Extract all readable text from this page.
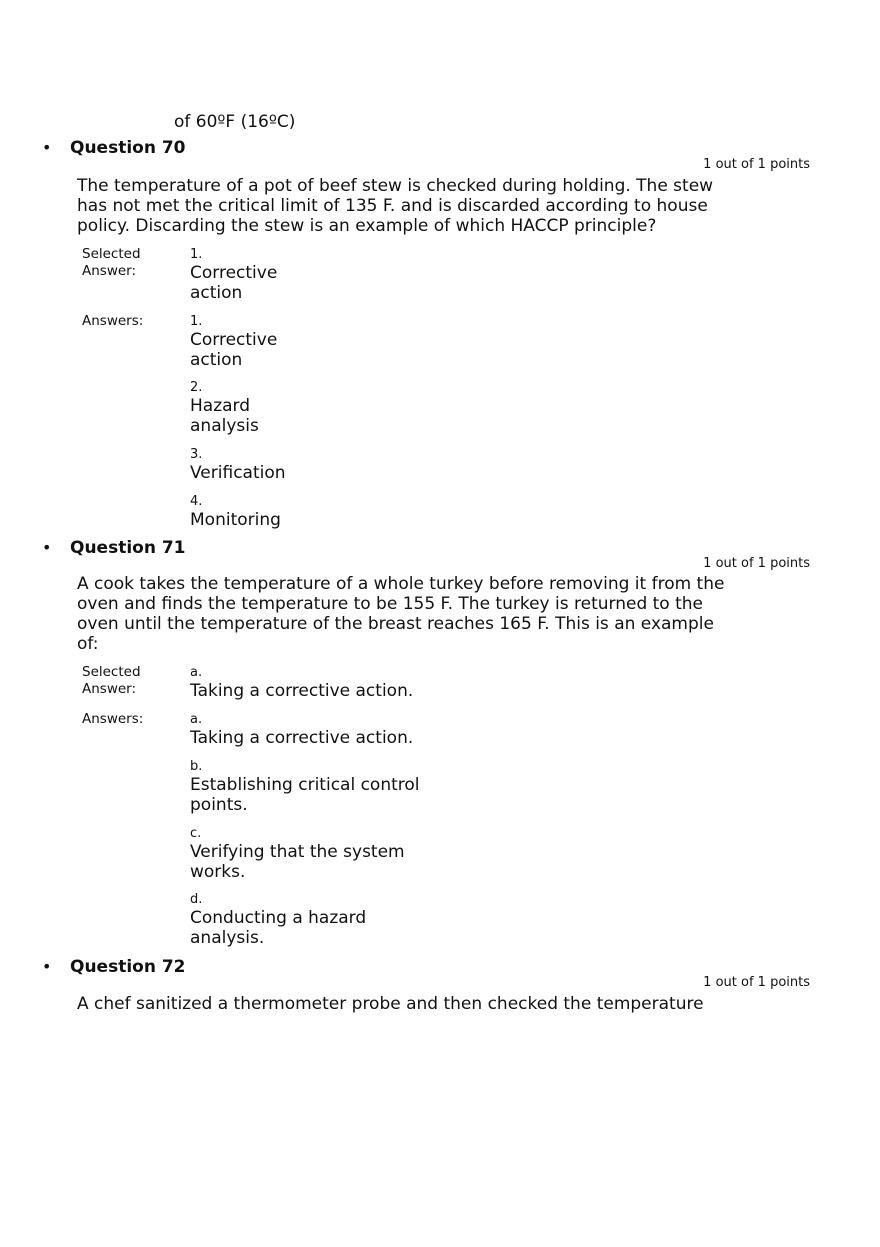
of 60ºF (16ºC)
• Question 70
1 out of 1 points
The temperature of a pot of beef stew is checked during holding. The stew has not met the critical limit of 135 F. and is discarded according to house policy. Discarding the stew is an example of which HACCP principle?
Selected
Answer:
1.
Corrective action
Answers:	1.
Corrective action
2.
Hazard analysis
3.
Verification
4.
Monitoring
• Question 71
1 out of 1 points
A cook takes the temperature of a whole turkey before removing it from the oven and finds the temperature to be 155 F. The turkey is returned to the oven until the temperature of the breast reaches 165 F. This is an example of:
Selected
Answer:
a.
Taking a corrective action.
Answers:	a.
Taking a corrective action.
b.
Establishing critical control points.
c.
Verifying that the system works.
d.
Conducting a hazard analysis.
• Question 72
1 out of 1 points
A chef sanitized a thermometer probe and then checked the temperature
